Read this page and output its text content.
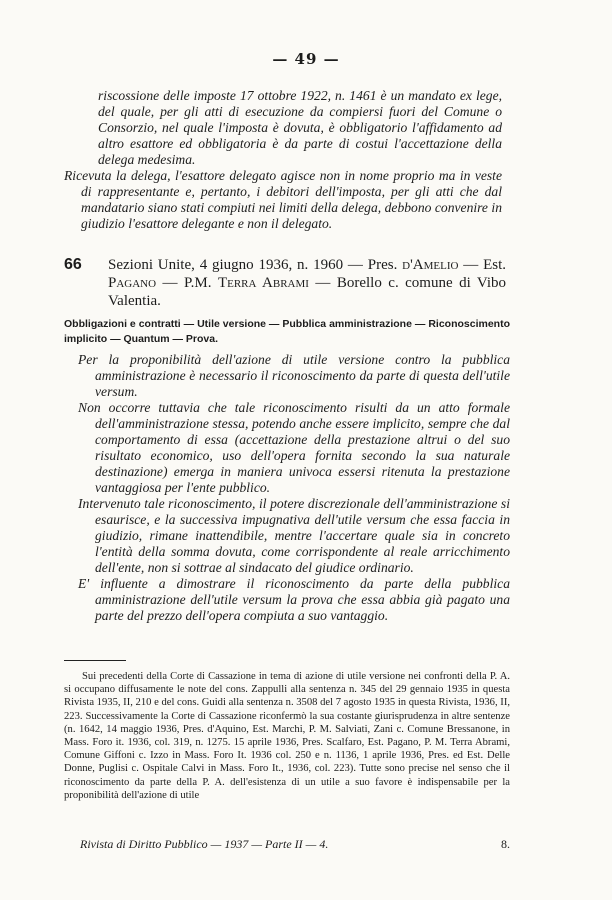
— 49 —

riscossione delle imposte 17 ottobre 1922, n. 1461 è un mandato ex lege, del quale, per gli atti di esecuzione da compiersi fuori del Comune o Consorzio, nel quale l'imposta è dovuta, è obbligatorio l'affidamento ad altro esattore ed obbligatoria è da parte di costui l'accettazione della delega medesima.

Ricevuta la delega, l'esattore delegato agisce non in nome proprio ma in veste di rappresentante e, pertanto, i debitori dell'imposta, per gli atti che dal mandatario siano stati compiuti nei limiti della delega, debbono convenire in giudizio l'esattore delegante e non il delegato.

66 Sezioni Unite, 4 giugno 1936, n. 1960 — Pres. d'Amelio — Est. Pagano — P.M. Terra Abrami — Borello c. comune di Vibo Valentia.
Obbligazioni e contratti — Utile versione — Pubblica amministrazione — Riconoscimento implicito — Quantum — Prova.

Per la proponibilità dell'azione di utile versione contro la pubblica amministrazione è necessario il riconoscimento da parte di questa dell'utile versum.

Non occorre tuttavia che tale riconoscimento risulti da un atto formale dell'amministrazione stessa, potendo anche essere implicito, sempre che dal comportamento di essa (accettazione della prestazione altrui o del suo risultato economico, uso dell'opera fornita secondo la sua naturale destinazione) emerga in maniera univoca essersi ritenuta la prestazione vantaggiosa per l'ente pubblico.

Intervenuto tale riconoscimento, il potere discrezionale dell'amministrazione si esaurisce, e la successiva impugnativa dell'utile versum che essa faccia in giudizio, rimane inattendibile, mentre l'accertare quale sia in concreto l'entità della somma dovuta, come corrispondente al reale arricchimento dell'ente, non si sottrae al sindacato del giudice ordinario.

E' influente a dimostrare il riconoscimento da parte della pubblica amministrazione dell'utile versum la prova che essa abbia già pagato una parte del prezzo dell'opera compiuta a suo vantaggio.

Sui precedenti della Corte di Cassazione in tema di azione di utile versione nei confronti della P. A. si occupano diffusamente le note del cons. Zappulli alla sentenza n. 345 del 29 gennaio 1935 in questa Rivista 1935, II, 210 e del cons. Guidi alla sentenza n. 3508 del 7 agosto 1935 in questa Rivista, 1936, II, 223. Successivamente la Corte di Cassazione riconfermò la sua costante giurisprudenza in altre sentenze (n. 1642, 14 maggio 1936, Pres. d'Aquino, Est. Marchi, P. M. Salviati, Zani c. Comune Bressanone, in Mass. Foro it. 1936, col. 319, n. 1275. 15 aprile 1936, Pres. Scalfaro, Est. Pagano, P. M. Terra Abrami, Comune Giffoni c. Izzo in Mass. Foro It. 1936 col. 250 e n. 1136, 1 aprile 1936, Pres. ed Est. Delle Donne, Puglisi c. Ospitale Calvi in Mass. Foro It., 1936, col. 223). Tutte sono precise nel senso che il riconoscimento da parte della P. A. dell'esistenza di un utile a suo favore è indispensabile per la proponibilità dell'azione di utile
Rivista di Diritto Pubblico — 1937 — Parte II — 4.	8.
